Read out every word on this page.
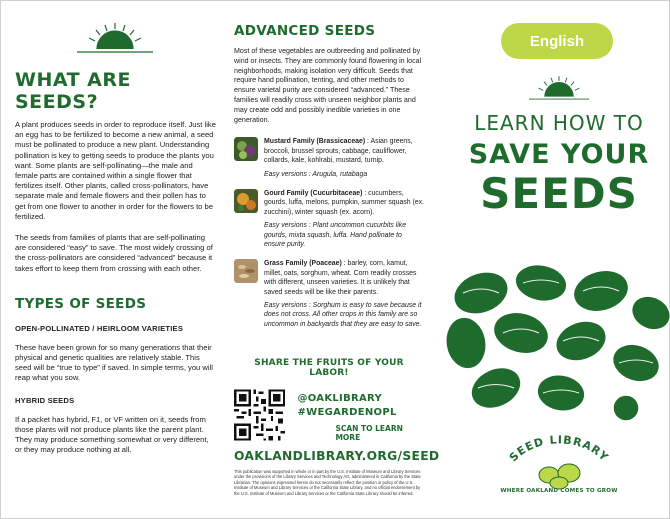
WHAT ARE SEEDS?

A plant produces seeds in order to reproduce itself. Just like an egg has to be fertilized to become a new animal, a seed must be pollinated to produce a new plant. Understanding pollination is key to getting seeds to produce the plants you want. Some plants are self-pollinating—the male and female parts are contained within a single flower that fertilizes itself. Other plants, called cross-pollinators, have separate male and female flowers and their pollen has to get from one flower to another in order for the flowers to be fertilized.

The seeds from families of plants that are self-pollinating are considered “easy” to save. The most widely crossing of the cross-pollinators are considered “advanced” because it takes effort to keep them from crossing with each other.

TYPES OF SEEDS
OPEN-POLLINATED / HEIRLOOM VARIETIES

These have been grown for so many generations that their physical and genetic qualities are relatively stable. This seed will be “true to type” if saved. In simple terms, you will reap what you sow.

HYBRID SEEDS

If a packet has hybrid, F1, or VF written on it, seeds from those plants will not produce plants like the parent plant. They may produce something somewhat or very different, or they may produce nothing at all.

ADVANCED SEEDS

Most of these vegetables are outbreeding and pollinated by wind or insects. They are commonly found flowering in local neighborhoods, making isolation very difficult. Seeds that require hand pollination, tenting, and other methods to ensure varietal purity are considered “advanced.” These families will readily cross with unseen neighbor plants and may create odd and possibly inedible varieties in one generation.

Mustard Family (Brassicaceae) : Asian greens, broccoli, brussel sprouts, cabbage, cauliflower, collards, kale, kohlrabi, mustard, turnip.
Easy versions : Arugula, rutabaga
Gourd Family (Cucurbitaceae) : cucumbers, gourds, luffa, melons, pumpkin, summer squash (ex. zucchini), winter squash (ex. acorn).
Easy versions : Plant uncommon cucurbits like gourds, mixta squash, luffa. Hand pollinate to ensure purity.
Grass Family (Poaceae) : barley, corn, kamut, millet, oats, sorghum, wheat. Corn readily crosses with different, unseen varieties. It is unlikely that saved seeds will be like their parents.
Easy versions : Sorghum is easy to save because it does not cross. All other crops in this family are so uncommon in backyards that they are easy to save.
SHARE THE FRUITS OF YOUR LABOR!
@OAKLIBRARY
#WEGARDENOPL
SCAN TO LEARN MORE
OAKLANDLIBRARY.ORG/SEED

This publication was supported in whole or in part by the U.S. Institute of Museum and Library Services under the provisions of the Library Services and Technology Act, administered in California by the State Librarian. The opinions expressed herein do not necessarily reflect the position or policy of the U.S. Institute of Museum and Library Services or the California State Library, and no official endorsement by the U.S. Institute of Museum and Library Services or the California State Library should be inferred.

English
LEARN HOW TO
SAVE YOUR
SEEDS
SEED LIBRARY
WHERE OAKLAND COMES TO GROW
